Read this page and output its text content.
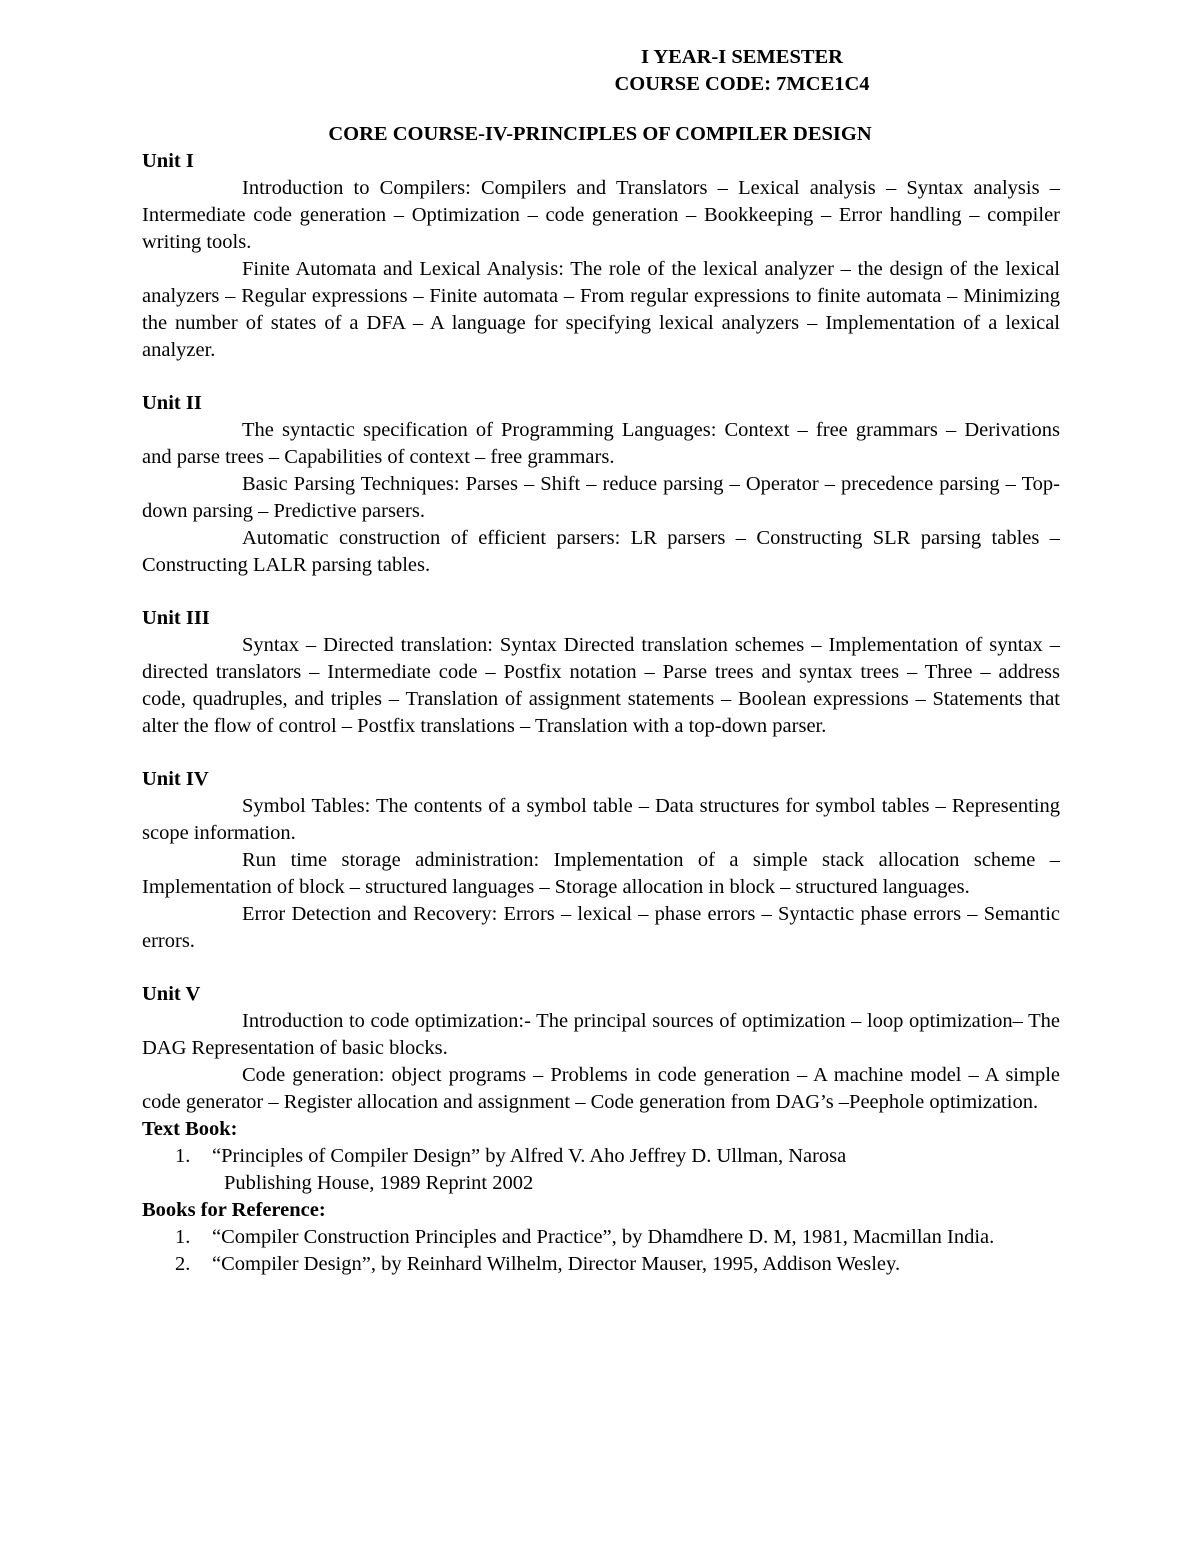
I YEAR-I SEMESTER
COURSE CODE: 7MCE1C4
CORE COURSE-IV-PRINCIPLES OF COMPILER DESIGN
Unit I

Introduction to Compilers: Compilers and Translators – Lexical analysis – Syntax analysis – Intermediate code generation – Optimization – code generation – Bookkeeping – Error handling – compiler writing tools.

Finite Automata and Lexical Analysis: The role of the lexical analyzer – the design of the lexical analyzers – Regular expressions – Finite automata – From regular expressions to finite automata – Minimizing the number of states of a DFA – A language for specifying lexical analyzers – Implementation of a lexical analyzer.

Unit II

The syntactic specification of Programming Languages: Context – free grammars – Derivations and parse trees – Capabilities of context – free grammars.

Basic Parsing Techniques: Parses – Shift – reduce parsing – Operator – precedence parsing – Top-down parsing – Predictive parsers.

Automatic construction of efficient parsers: LR parsers – Constructing SLR parsing tables – Constructing LALR parsing tables.

Unit III

Syntax – Directed translation: Syntax Directed translation schemes – Implementation of syntax – directed translators – Intermediate code – Postfix notation – Parse trees and syntax trees – Three – address code, quadruples, and triples – Translation of assignment statements – Boolean expressions – Statements that alter the flow of control – Postfix translations – Translation with a top-down parser.

Unit IV

Symbol Tables: The contents of a symbol table – Data structures for symbol tables – Representing scope information.

Run time storage administration: Implementation of a simple stack allocation scheme – Implementation of block – structured languages – Storage allocation in block – structured languages.

Error Detection and Recovery: Errors – lexical – phase errors – Syntactic phase errors – Semantic errors.

Unit V

Introduction to code optimization:- The principal sources of optimization – loop optimization– The DAG Representation of basic blocks.

Code generation: object programs – Problems in code generation – A machine model – A simple code generator – Register allocation and assignment – Code generation from DAG’s –Peephole optimization.

Text Book:
1. “Principles of Compiler Design” by Alfred V. Aho Jeffrey D. Ullman, Narosa
Publishing House, 1989 Reprint 2002
Books for Reference:
1. “Compiler Construction Principles and Practice”, by Dhamdhere D. M, 1981, Macmillan India.
2. “Compiler Design”, by Reinhard Wilhelm, Director Mauser, 1995, Addison Wesley.
